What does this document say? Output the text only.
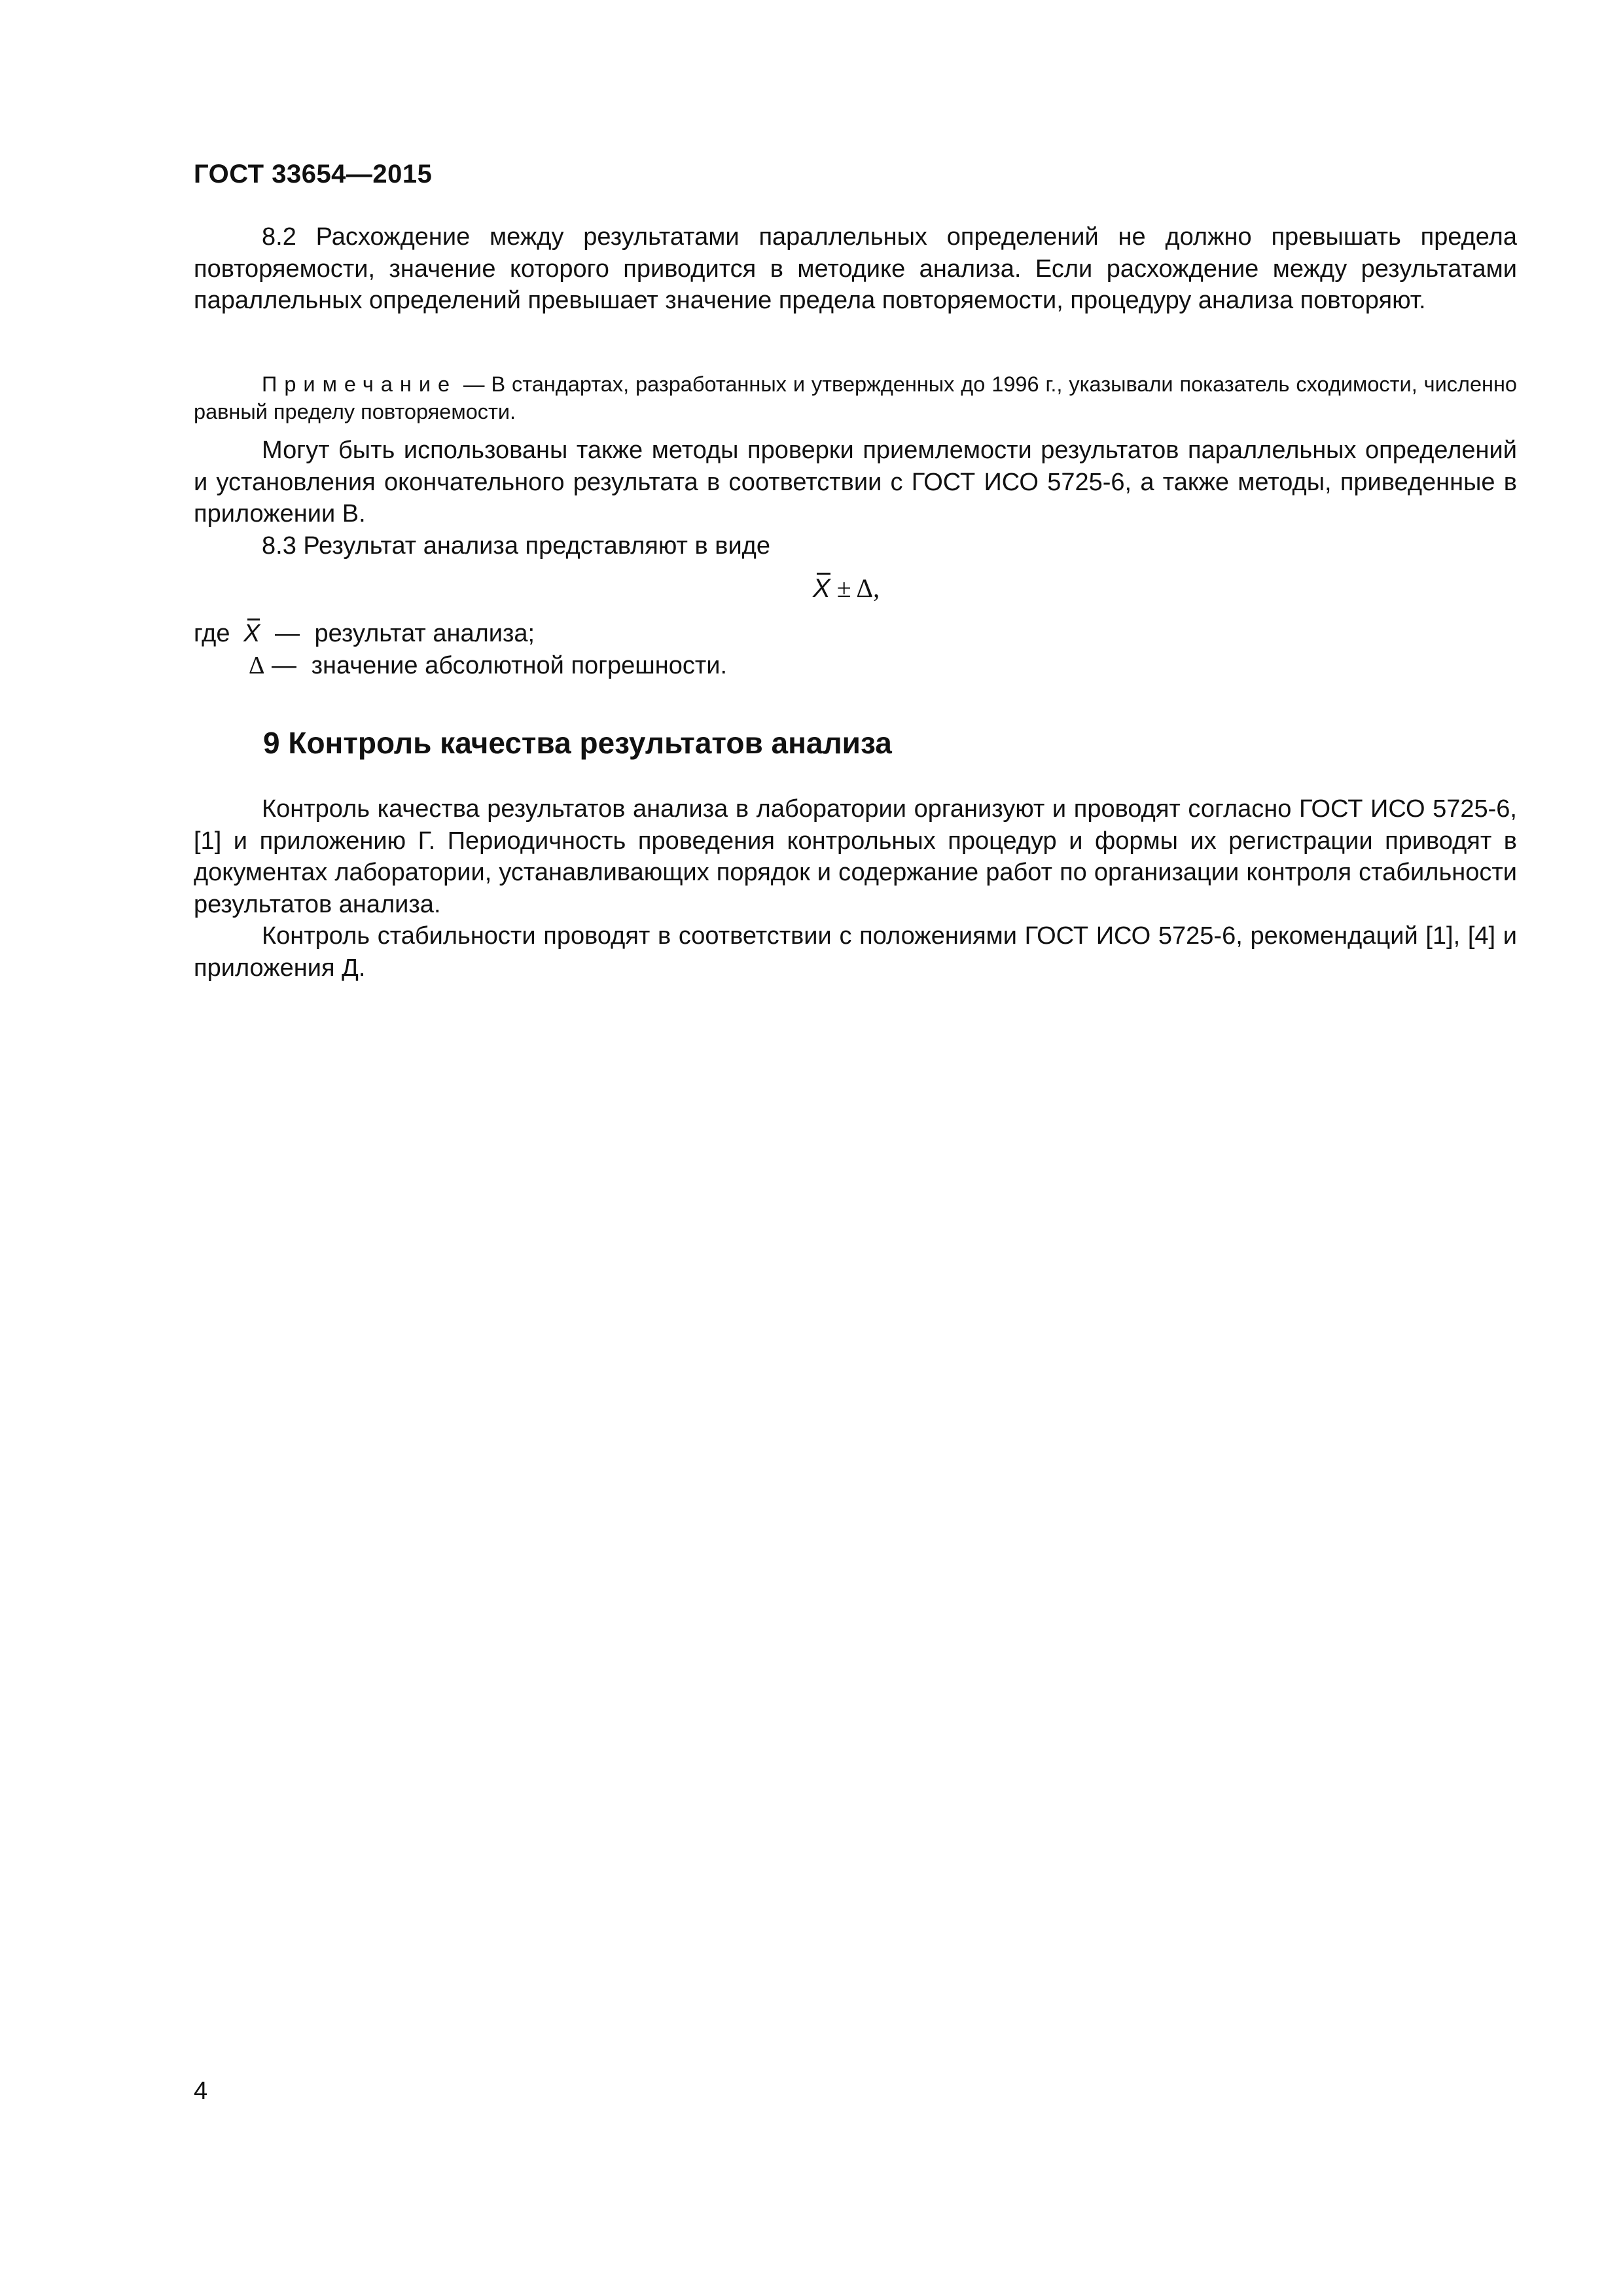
ГОСТ 33654—2015

8.2 Расхождение между результатами параллельных определений не должно превышать предела повторяемости, значение которого приводится в методике анализа. Если расхождение между результатами параллельных определений превышает значение предела повторяемости, процедуру анализа повторяют.

Примечание — В стандартах, разработанных и утвержденных до 1996 г., указывали показатель сходимости, численно равный пределу повторяемости.

Могут быть использованы также методы проверки приемлемости результатов параллельных определений и установления окончательного результата в соответствии с ГОСТ ИСО 5725-6, а также методы, приведенные в приложении В.

8.3 Результат анализа представляют в виде

X ± Δ,
где X — результат анализа;
Δ — значение абсолютной погрешности.
9 Контроль качества результатов анализа

Контроль качества результатов анализа в лаборатории организуют и проводят согласно ГОСТ ИСО 5725-6, [1] и приложению Г. Периодичность проведения контрольных процедур и формы их регистрации приводят в документах лаборатории, устанавливающих порядок и содержание работ по организации контроля стабильности результатов анализа.

Контроль стабильности проводят в соответствии с положениями ГОСТ ИСО 5725-6, рекомендаций [1], [4] и приложения Д.

4
